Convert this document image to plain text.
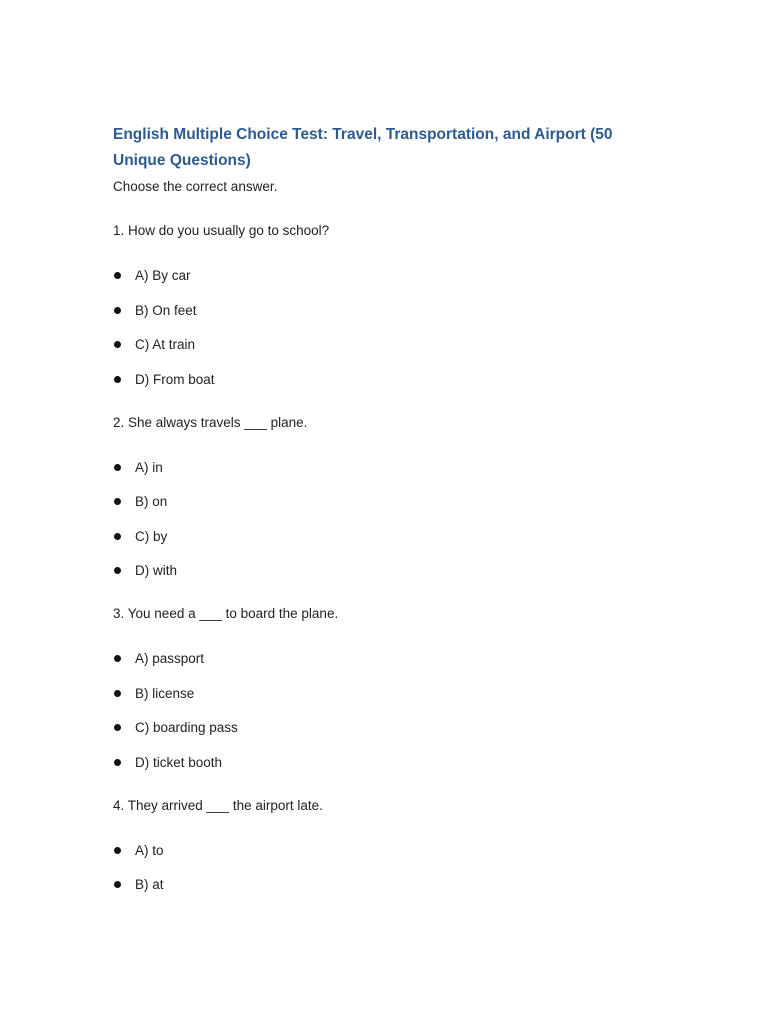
English Multiple Choice Test: Travel, Transportation, and Airport (50 Unique Questions)

Choose the correct answer.

1. How do you usually go to school?

A) By car
B) On feet
C) At train
D) From boat

2. She always travels ___ plane.

A) in
B) on
C) by
D) with

3. You need a ___ to board the plane.

A) passport
B) license
C) boarding pass
D) ticket booth

4. They arrived ___ the airport late.

A) to
B) at
